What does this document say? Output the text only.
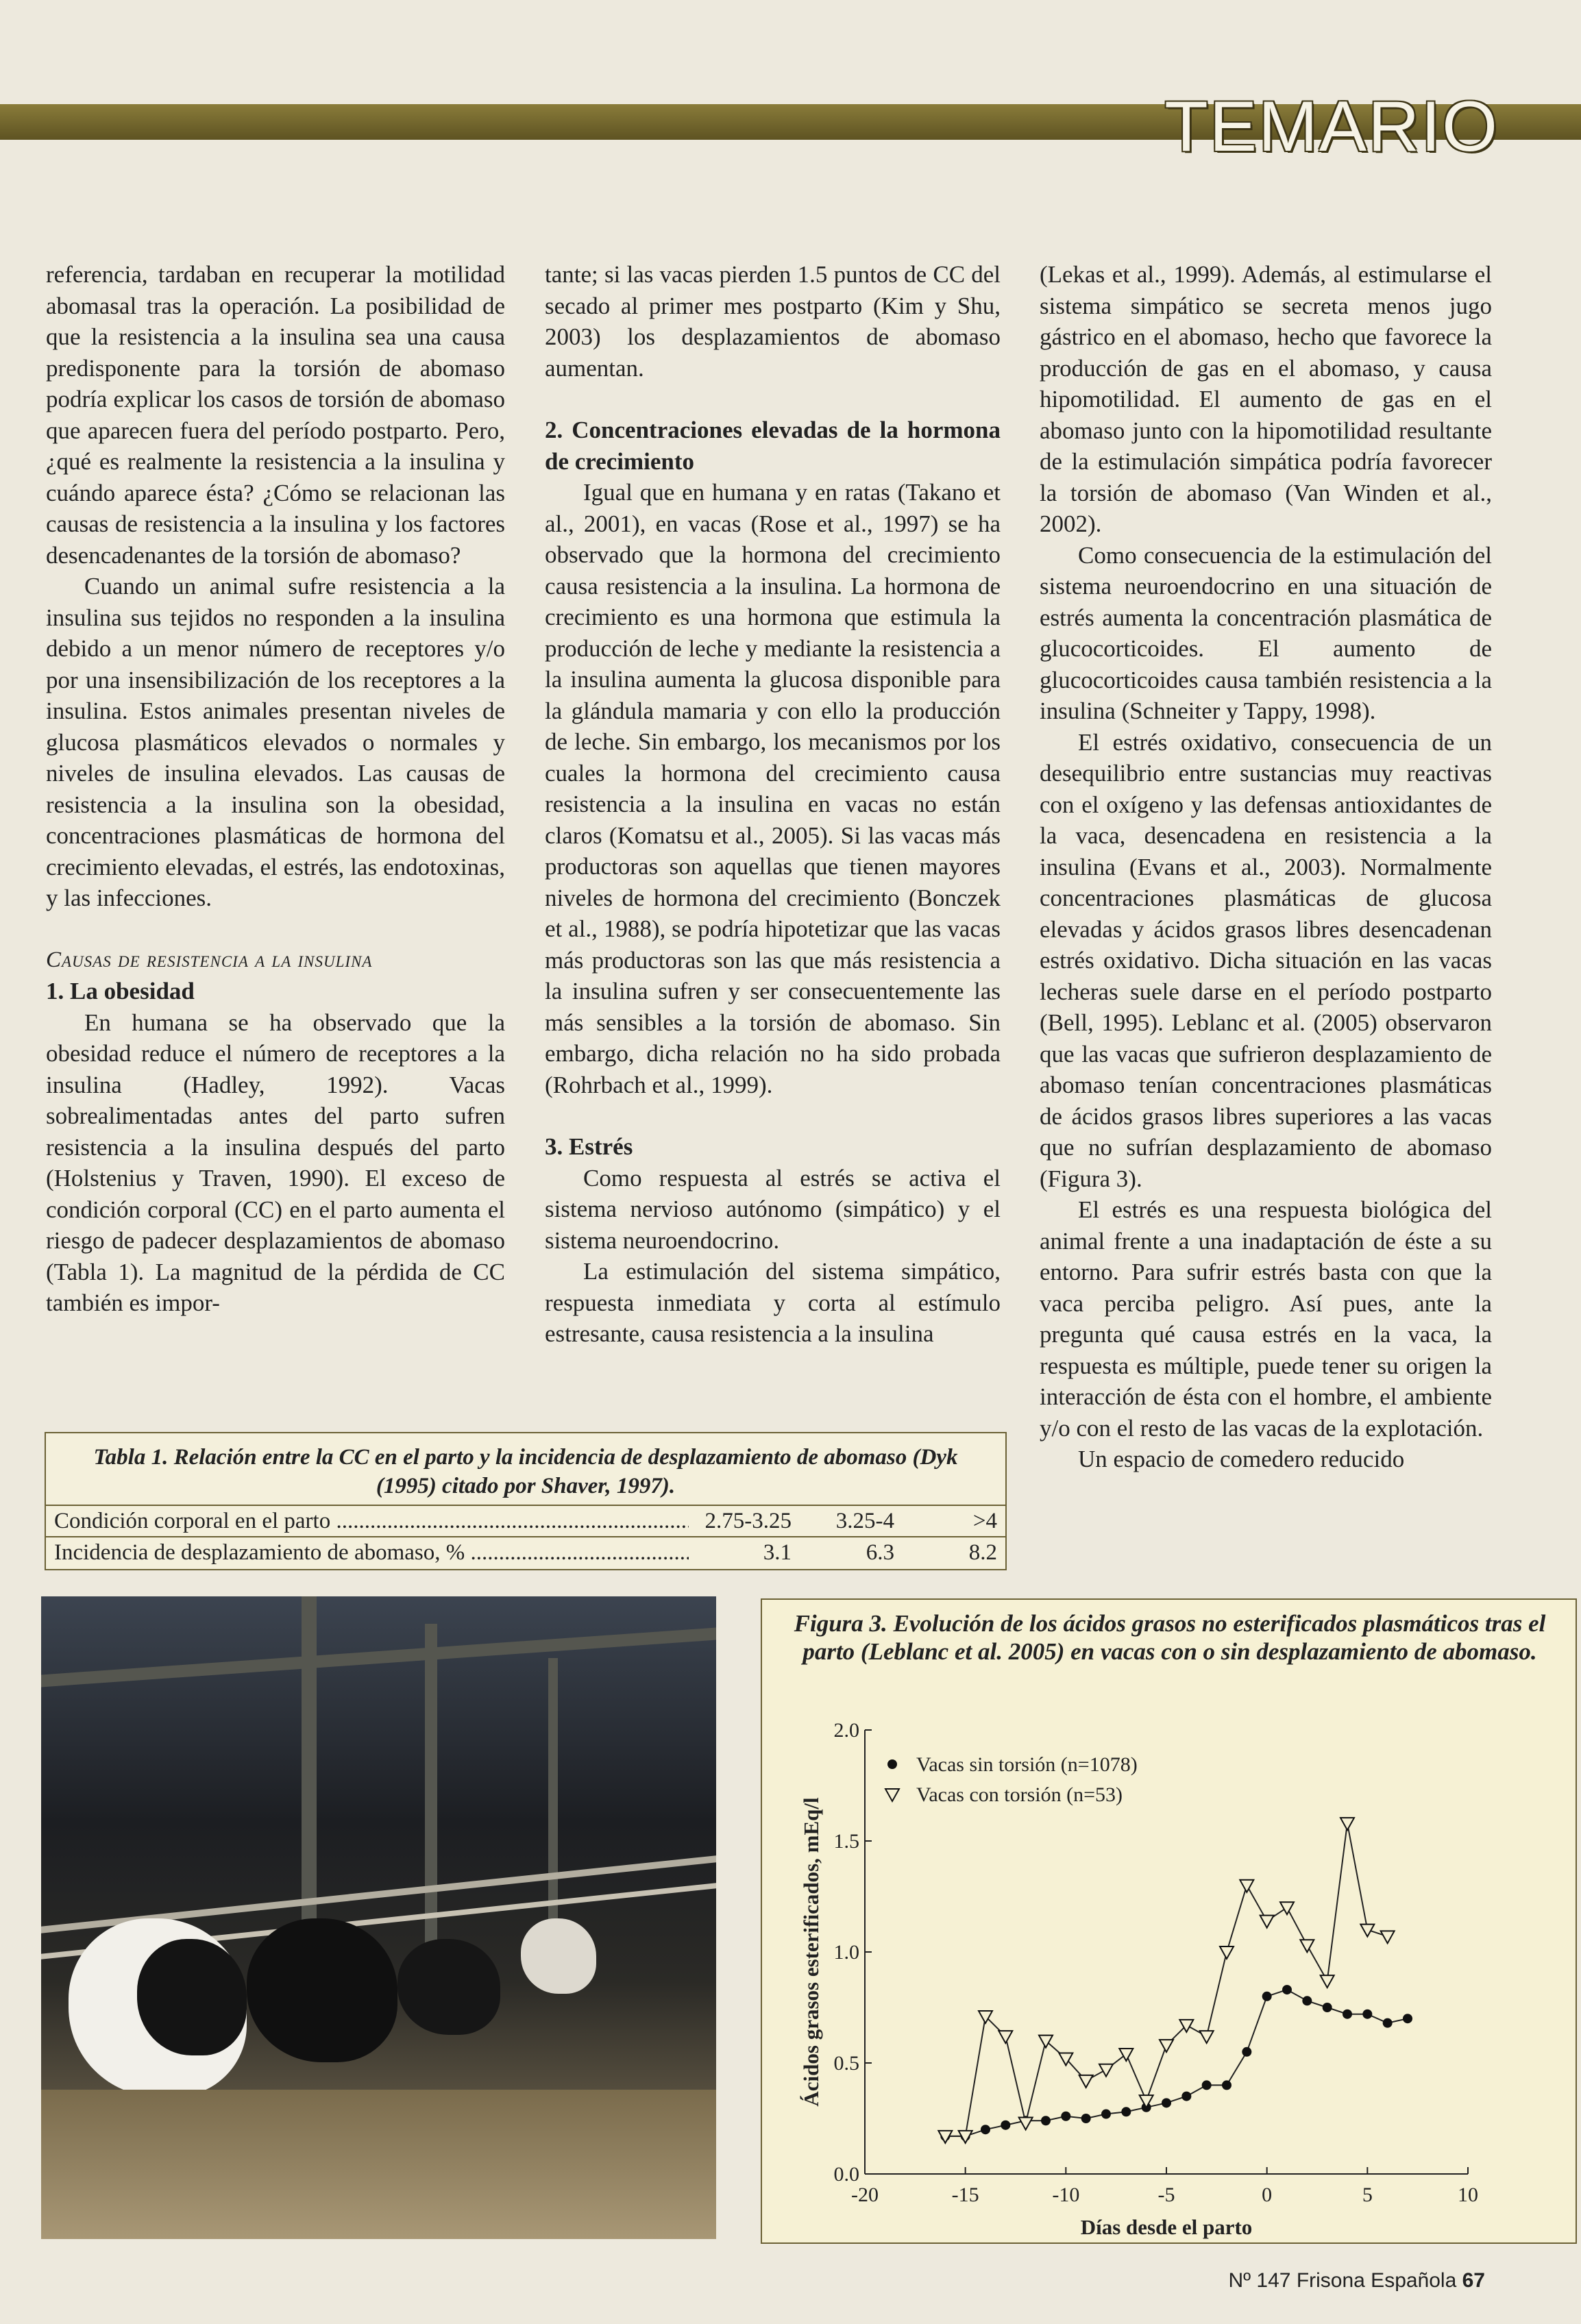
TEMARIO

referencia, tardaban en recuperar la motilidad abomasal tras la operación. La posibilidad de que la resistencia a la insulina sea una causa predisponente para la torsión de abomaso podría explicar los casos de torsión de abomaso que aparecen fuera del período postparto. Pero, ¿qué es realmente la resistencia a la insulina y cuándo aparece ésta? ¿Cómo se relacionan las causas de resistencia a la insulina y los factores desencadenantes de la torsión de abomaso?

Cuando un animal sufre resistencia a la insulina sus tejidos no responden a la insulina debido a un menor número de receptores y/o por una insensibilización de los receptores a la insulina. Estos animales presentan niveles de glucosa plasmáticos elevados o normales y niveles de insulina elevados. Las causas de resistencia a la insulina son la obesidad, concentraciones plasmáticas de hormona del crecimiento elevadas, el estrés, las endotoxinas, y las infecciones.

Causas de resistencia a la insulina
1. La obesidad

En humana se ha observado que la obesidad reduce el número de receptores a la insulina (Hadley, 1992). Vacas sobrealimentadas antes del parto sufren resistencia a la insulina después del parto (Holstenius y Traven, 1990). El exceso de condición corporal (CC) en el parto aumenta el riesgo de padecer desplazamientos de abomaso (Tabla 1). La magnitud de la pérdida de CC también es impor-

tante; si las vacas pierden 1.5 puntos de CC del secado al primer mes postparto (Kim y Shu, 2003) los desplazamientos de abomaso aumentan.

2. Concentraciones elevadas de la hormona de crecimiento

Igual que en humana y en ratas (Takano et al., 2001), en vacas (Rose et al., 1997) se ha observado que la hormona del crecimiento causa resistencia a la insulina. La hormona de crecimiento es una hormona que estimula la producción de leche y mediante la resistencia a la insulina aumenta la glucosa disponible para la glándula mamaria y con ello la producción de leche. Sin embargo, los mecanismos por los cuales la hormona del crecimiento causa resistencia a la insulina en vacas no están claros (Komatsu et al., 2005). Si las vacas más productoras son aquellas que tienen mayores niveles de hormona del crecimiento (Bonczek et al., 1988), se podría hipotetizar que las vacas más productoras son las que más resistencia a la insulina sufren y ser consecuentemente las más sensibles a la torsión de abomaso. Sin embargo, dicha relación no ha sido probada (Rohrbach et al., 1999).

3. Estrés

Como respuesta al estrés se activa el sistema nervioso autónomo (simpático) y el sistema neuroendocrino.

La estimulación del sistema simpático, respuesta inmediata y corta al estímulo estresante, causa resistencia a la insulina

(Lekas et al., 1999). Además, al estimularse el sistema simpático se secreta menos jugo gástrico en el abomaso, hecho que favorece la producción de gas en el abomaso, y causa hipomotilidad. El aumento de gas en el abomaso junto con la hipomotilidad resultante de la estimulación simpática podría favorecer la torsión de abomaso (Van Winden et al., 2002).

Como consecuencia de la estimulación del sistema neuroendocrino en una situación de estrés aumenta la concentración plasmática de glucocorticoides. El aumento de glucocorticoides causa también resistencia a la insulina (Schneiter y Tappy, 1998).

El estrés oxidativo, consecuencia de un desequilibrio entre sustancias muy reactivas con el oxígeno y las defensas antioxidantes de la vaca, desencadena en resistencia a la insulina (Evans et al., 2003). Normalmente concentraciones plasmáticas de glucosa elevadas y ácidos grasos libres desencadenan estrés oxidativo. Dicha situación en las vacas lecheras suele darse en el período postparto (Bell, 1995). Leblanc et al. (2005) observaron que las vacas que sufrieron desplazamiento de abomaso tenían concentraciones plasmáticas de ácidos grasos libres superiores a las vacas que no sufrían desplazamiento de abomaso (Figura 3).

El estrés es una respuesta biológica del animal frente a una inadaptación de éste a su entorno. Para sufrir estrés basta con que la vaca perciba peligro. Así pues, ante la pregunta qué causa estrés en la vaca, la respuesta es múltiple, puede tener su origen la interacción de ésta con el hombre, el ambiente y/o con el resto de las vacas de la explotación.

Un espacio de comedero reducido

Tabla 1. Relación entre la CC en el parto y la incidencia de desplazamiento de abomaso (Dyk (1995) citado por Shaver, 1997).
Condición corporal en el parto .....	2.75-3.25	3.25-4	>4
Incidencia de desplazamiento de abomaso, % .....	3.1	6.3	8.2
Figura 3. Evolución de los ácidos grasos no esterificados plasmáticos tras el parto (Leblanc et al. 2005) en vacas con o sin desplazamiento de abomaso.
-20	-15	-10	-5	0	5	10
0.0
0.5
1.0
1.5
2.0
Días desde el parto
Ácidos grasos esterificados, mEq/l
Vacas sin torsión (n=1078)
Vacas con torsión (n=53)
Nº 147 Frisona Española 67
